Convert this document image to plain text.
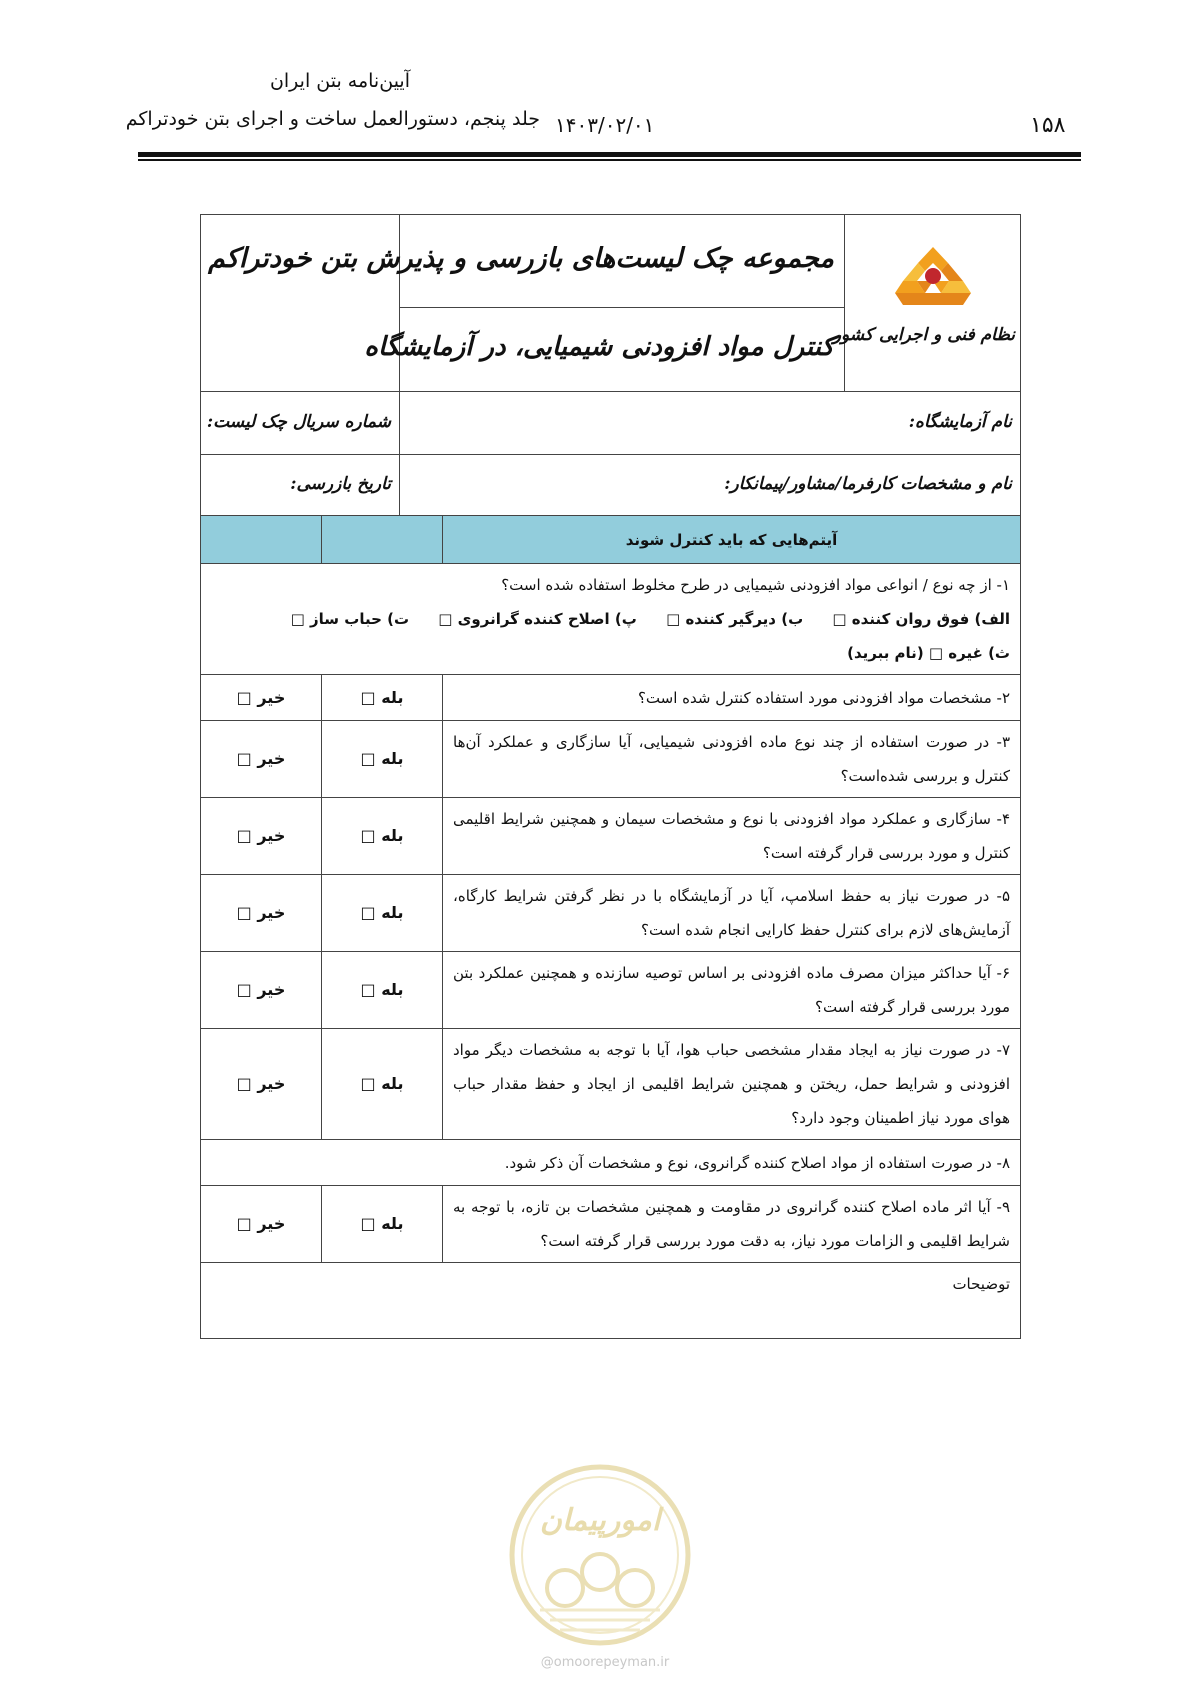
آیین‌نامه بتن ایران
جلد پنجم، دستورالعمل ساخت و اجرای بتن خودتراکم ۱۴۰۳/۰۲/۰۱	۱۵۸
مجموعه چک لیست‌های بازرسی و پذیرش بتن خودتراکم
کنترل مواد افزودنی شیمیایی، در آزمایشگاه
نظام فنی و اجرایی کشور
شماره سریال چک لیست:	نام آزمایشگاه:
تاریخ بازرسی:	نام و مشخصات کارفرما/مشاور/پیمانکار:
آیتم‌هایی که باید کنترل شوند		

۱- از چه نوع / انواعی مواد افزودنی شیمیایی در طرح مخلوط استفاده شده است؟
الف) فوق روان کننده □ ب) دیرگیر کننده □ پ) اصلاح کننده گرانروی □ ت) حباب ساز □
ث) غیره □ (نام ببرید)		

۲- مشخصات مواد افزودنی مورد استفاده کنترل شده است؟	بله □	خیر □
۳- در صورت استفاده از چند نوع ماده افزودنی شیمیایی، آیا سازگاری و عملکرد آن‌ها کنترل و بررسی شده‌است؟	بله □	خیر □
۴- سازگاری و عملکرد مواد افزودنی با نوع و مشخصات سیمان و همچنین شرایط اقلیمی کنترل و مورد بررسی قرار گرفته است؟	بله □	خیر □
۵- در صورت نیاز به حفظ اسلامپ، آیا در آزمایشگاه با در نظر گرفتن شرایط کارگاه، آزمایش‌های لازم برای کنترل حفظ کارایی انجام شده است؟	بله □	خیر □
۶- آیا حداکثر میزان مصرف ماده افزودنی بر اساس توصیه سازنده و همچنین عملکرد بتن مورد بررسی قرار گرفته است؟	بله □	خیر □
۷- در صورت نیاز به ایجاد مقدار مشخصی حباب هوا، آیا با توجه به مشخصات دیگر مواد افزودنی و شرایط حمل، ریختن و همچنین شرایط اقلیمی از ایجاد و حفظ مقدار حباب هوای مورد نیاز اطمینان وجود دارد؟	بله □	خیر □
۸- در صورت استفاده از مواد اصلاح کننده گرانروی، نوع و مشخصات آن ذکر شود.		
۹- آیا اثر ماده اصلاح کننده گرانروی در مقاومت و همچنین مشخصات بن تازه، با توجه به شرایط اقلیمی و الزامات مورد نیاز، به دقت مورد بررسی قرار گرفته است؟	بله □	خیر □

توضیحات		
امورپیمان
@omoorepeyman.ir
